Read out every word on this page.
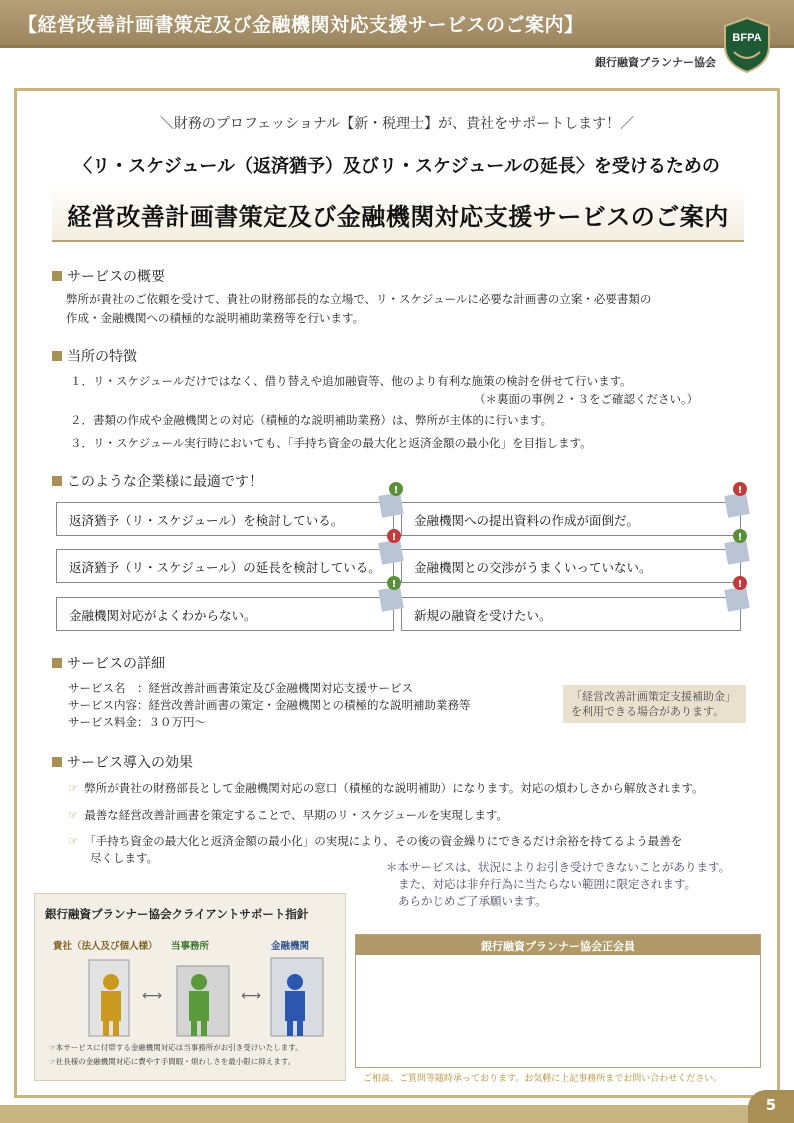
【経営改善計画書策定及び金融機関対応支援サービスのご案内】
銀行融資プランナー協会
BFPA
＼財務のプロフェッショナル【新・税理士】が、貴社をサポートします！／
〈リ・スケジュール（返済猶予）及びリ・スケジュールの延長〉を受けるための
経営改善計画書策定及び金融機関対応支援サービスのご案内
サービスの概要
弊所が貴社のご依頼を受けて、貴社の財務部長的な立場で、リ・スケジュールに必要な計画書の立案・必要書類の
作成・金融機関への積極的な説明補助業務等を行います。
当所の特徴
１．リ・スケジュールだけではなく、借り替えや追加融資等、他のより有利な施策の検討を併せて行います。
（＊裏面の事例２・３をご確認ください。）
２．書類の作成や金融機関との対応（積極的な説明補助業務）は、弊所が主体的に行います。
３．リ・スケジュール実行時においても、「手持ち資金の最大化と返済金額の最小化」を目指します。
このような企業様に最適です！
返済猶予（リ・スケジュール）を検討している。	金融機関への提出資料の作成が面倒だ。
返済猶予（リ・スケジュール）の延長を検討している。	金融機関との交渉がうまくいっていない。
金融機関対応がよくわからない。	新規の融資を受けたい。
!	!
!	!
!	!
サービスの詳細
サービス名　：経営改善計画書策定及び金融機関対応支援サービス
サービス内容：経営改善計画書の策定・金融機関との積極的な説明補助業務等
サービス料金：３０万円〜
「経営改善計画策定支援補助金」
を利用できる場合があります。
サービス導入の効果
☞ 弊所が貴社の財務部長として金融機関対応の窓口（積極的な説明補助）になります。対応の煩わしさから解放されます。
☞ 最善な経営改善計画書を策定することで、早期のリ・スケジュールを実現します。
☞ 「手持ち資金の最大化と返済金額の最小化」の実現により、その後の資金繰りにできるだけ余裕を持てるよう最善を
尽くします。
＊本サービスは、状況によりお引き受けできないことがあります。
また、対応は非弁行為に当たらない範囲に限定されます。
あらかじめご了承願います。
銀行融資プランナー協会クライアントサポート指針
貴社（法人及び個人様） 当事務所	金融機関
⟷	⟷
☞本サービスに付帯する金融機関対応は当事務所がお引き受けいたします。
☞社長様の金融機関対応に費やす手間暇・煩わしさを最小限に抑えます。
銀行融資プランナー協会正会員
ご相談、ご質問等随時承っております。お気軽に上記事務所までお問い合わせください。
5
